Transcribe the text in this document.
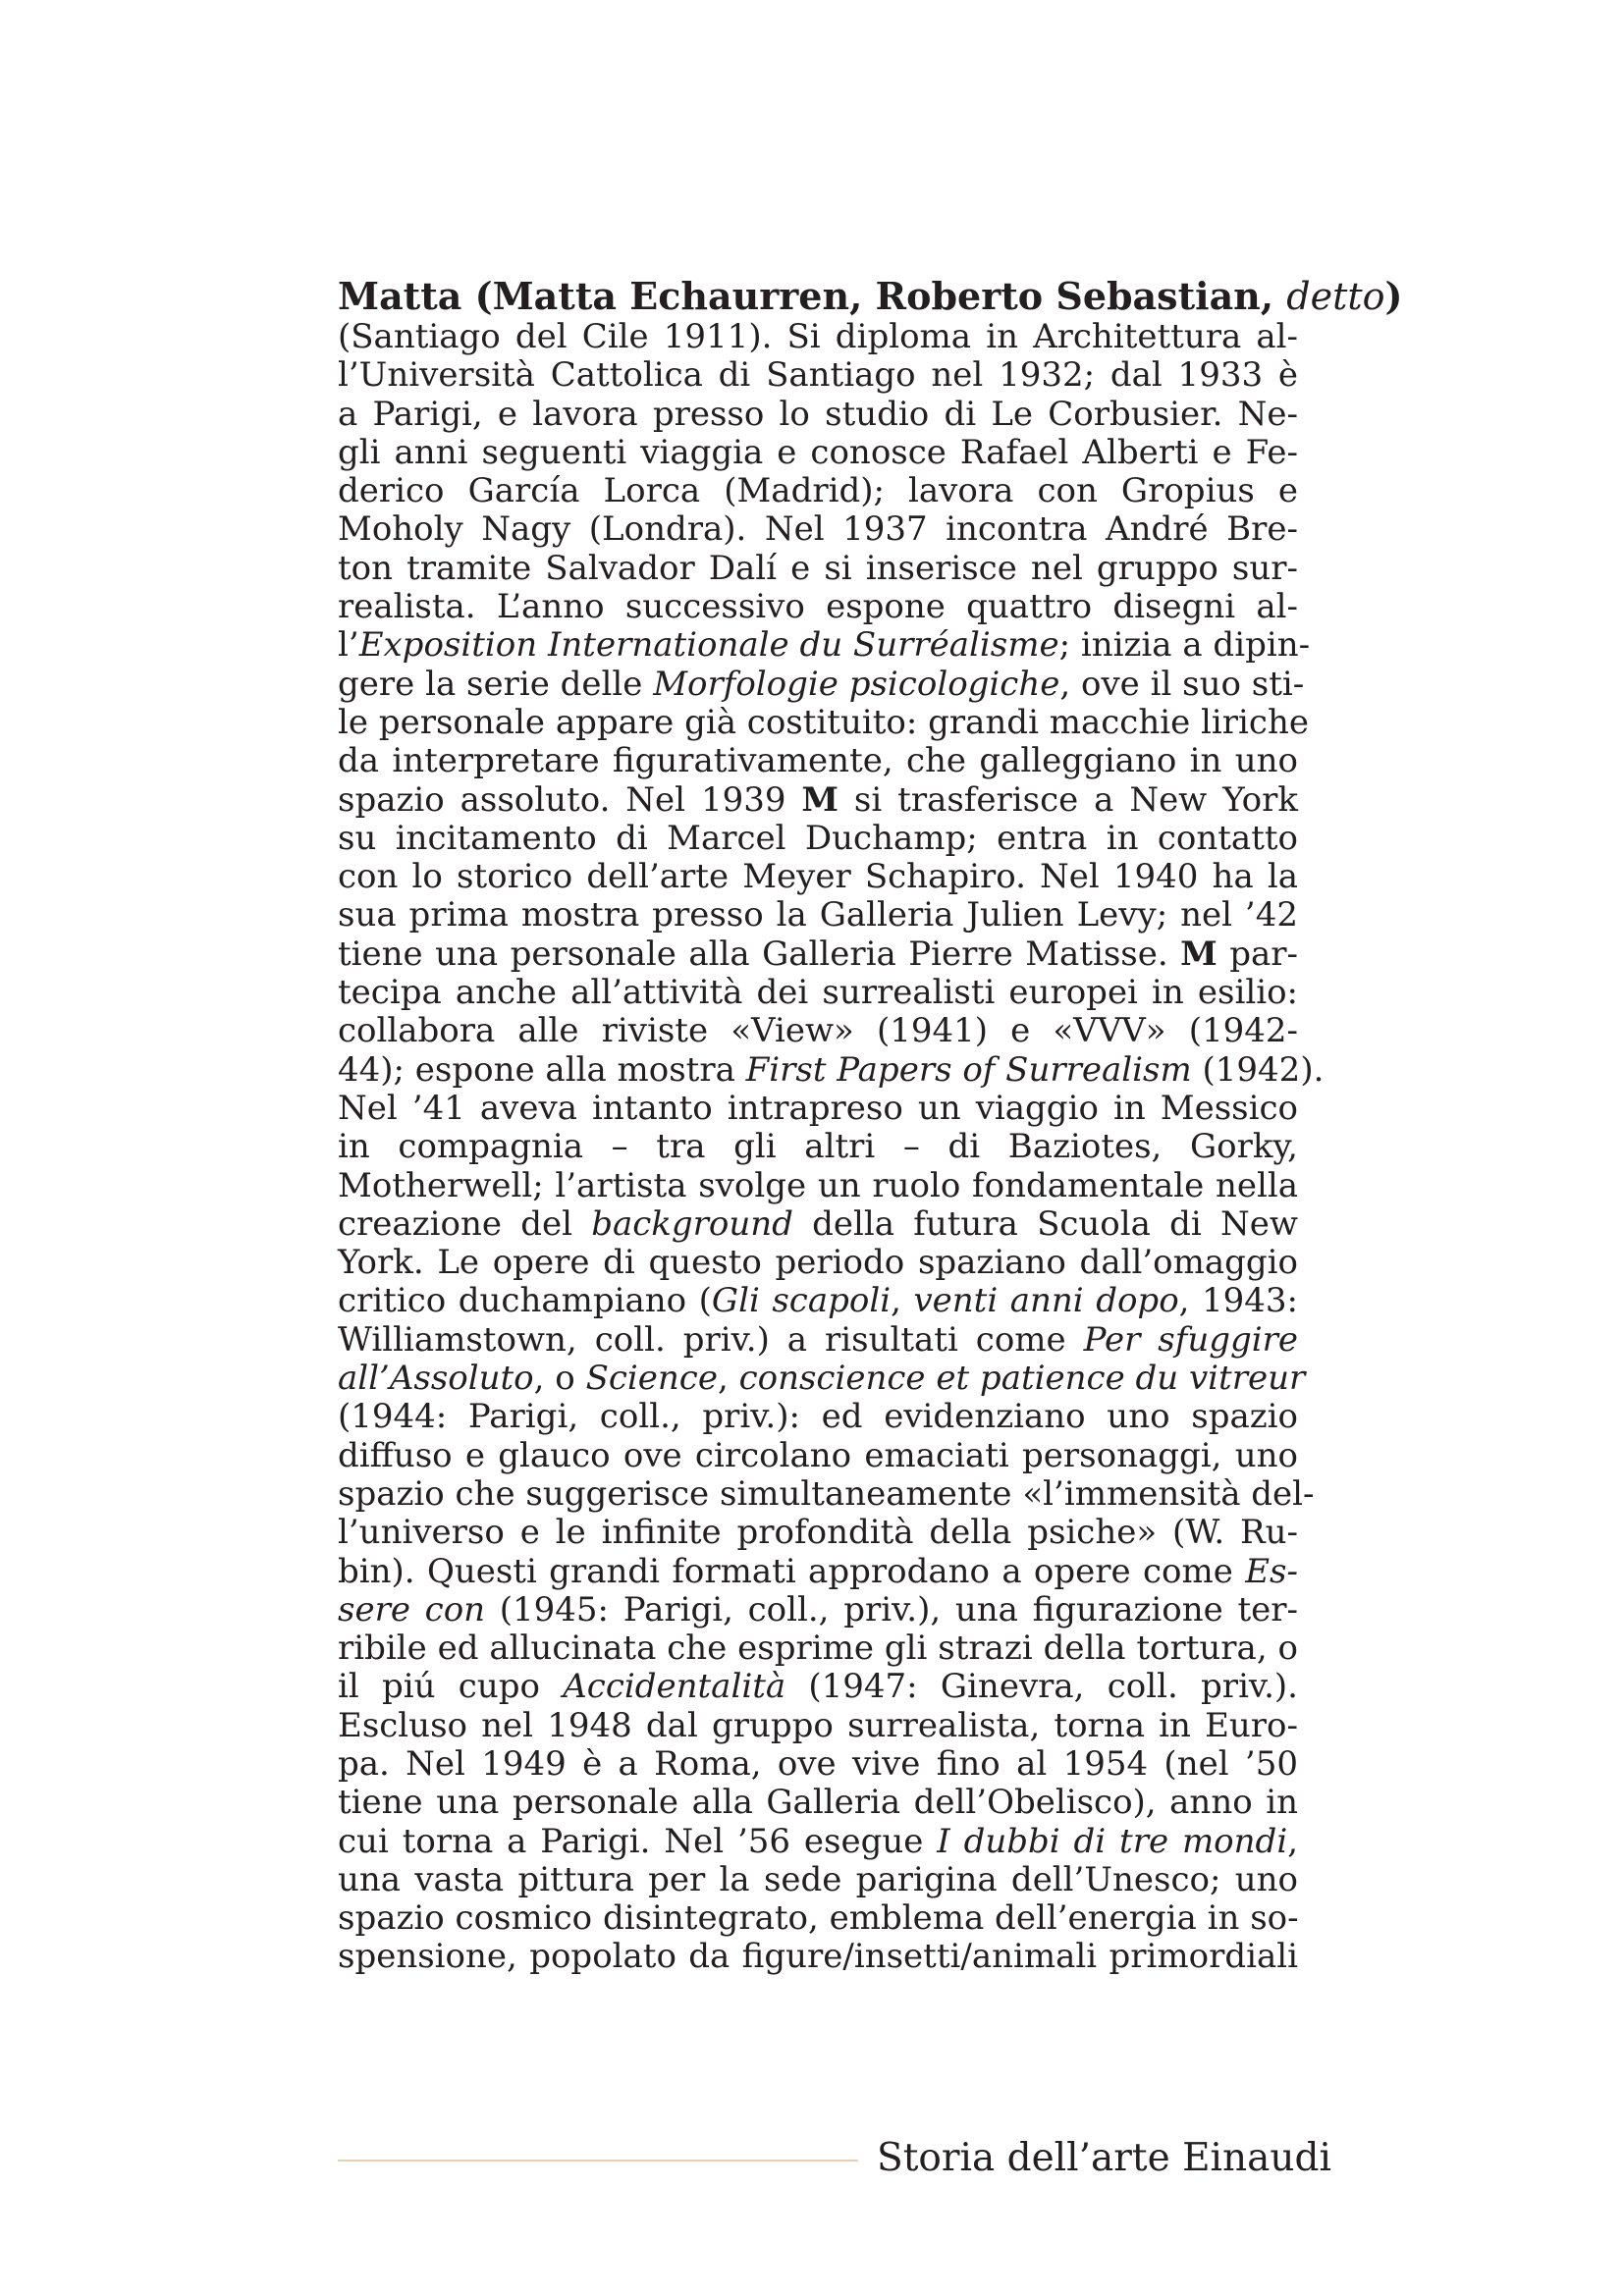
Matta (Matta Echaurren, Roberto Sebastian, detto)
(Santiago del Cile 1911). Si diploma in Architettura al-
l’Università Cattolica di Santiago nel 1932; dal 1933 è
a Parigi, e lavora presso lo studio di Le Corbusier. Ne-
gli anni seguenti viaggia e conosce Rafael Alberti e Fe-
derico García Lorca (Madrid); lavora con Gropius e
Moholy Nagy (Londra). Nel 1937 incontra André Bre-
ton tramite Salvador Dalí e si inserisce nel gruppo sur-
realista. L’anno successivo espone quattro disegni al-
l’Exposition Internationale du Surréalisme; inizia a dipin-
gere la serie delle Morfologie psicologiche, ove il suo sti-
le personale appare già costituito: grandi macchie liriche
da interpretare figurativamente, che galleggiano in uno
spazio assoluto. Nel 1939 M si trasferisce a New York
su incitamento di Marcel Duchamp; entra in contatto
con lo storico dell’arte Meyer Schapiro. Nel 1940 ha la
sua prima mostra presso la Galleria Julien Levy; nel ’42
tiene una personale alla Galleria Pierre Matisse. M par-
tecipa anche all’attività dei surrealisti europei in esilio:
collabora alle riviste «View» (1941) e «VVV» (1942-
44); espone alla mostra First Papers of Surrealism (1942).
Nel ’41 aveva intanto intrapreso un viaggio in Messico
in compagnia – tra gli altri – di Baziotes, Gorky,
Motherwell; l’artista svolge un ruolo fondamentale nella
creazione del background della futura Scuola di New
York. Le opere di questo periodo spaziano dall’omaggio
critico duchampiano (Gli scapoli, venti anni dopo, 1943:
Williamstown, coll. priv.) a risultati come Per sfuggire
all’Assoluto, o Science, conscience et patience du vitreur
(1944: Parigi, coll., priv.): ed evidenziano uno spazio
diffuso e glauco ove circolano emaciati personaggi, uno
spazio che suggerisce simultaneamente «l’immensità del-
l’universo e le infinite profondità della psiche» (W. Ru-
bin). Questi grandi formati approdano a opere come Es-
sere con (1945: Parigi, coll., priv.), una figurazione ter-
ribile ed allucinata che esprime gli strazi della tortura, o
il piú cupo Accidentalità (1947: Ginevra, coll. priv.).
Escluso nel 1948 dal gruppo surrealista, torna in Euro-
pa. Nel 1949 è a Roma, ove vive fino al 1954 (nel ’50
tiene una personale alla Galleria dell’Obelisco), anno in
cui torna a Parigi. Nel ’56 esegue I dubbi di tre mondi,
una vasta pittura per la sede parigina dell’Unesco; uno
spazio cosmico disintegrato, emblema dell’energia in so-
spensione, popolato da figure/insetti/animali primordiali
Storia dell’arte Einaudi
